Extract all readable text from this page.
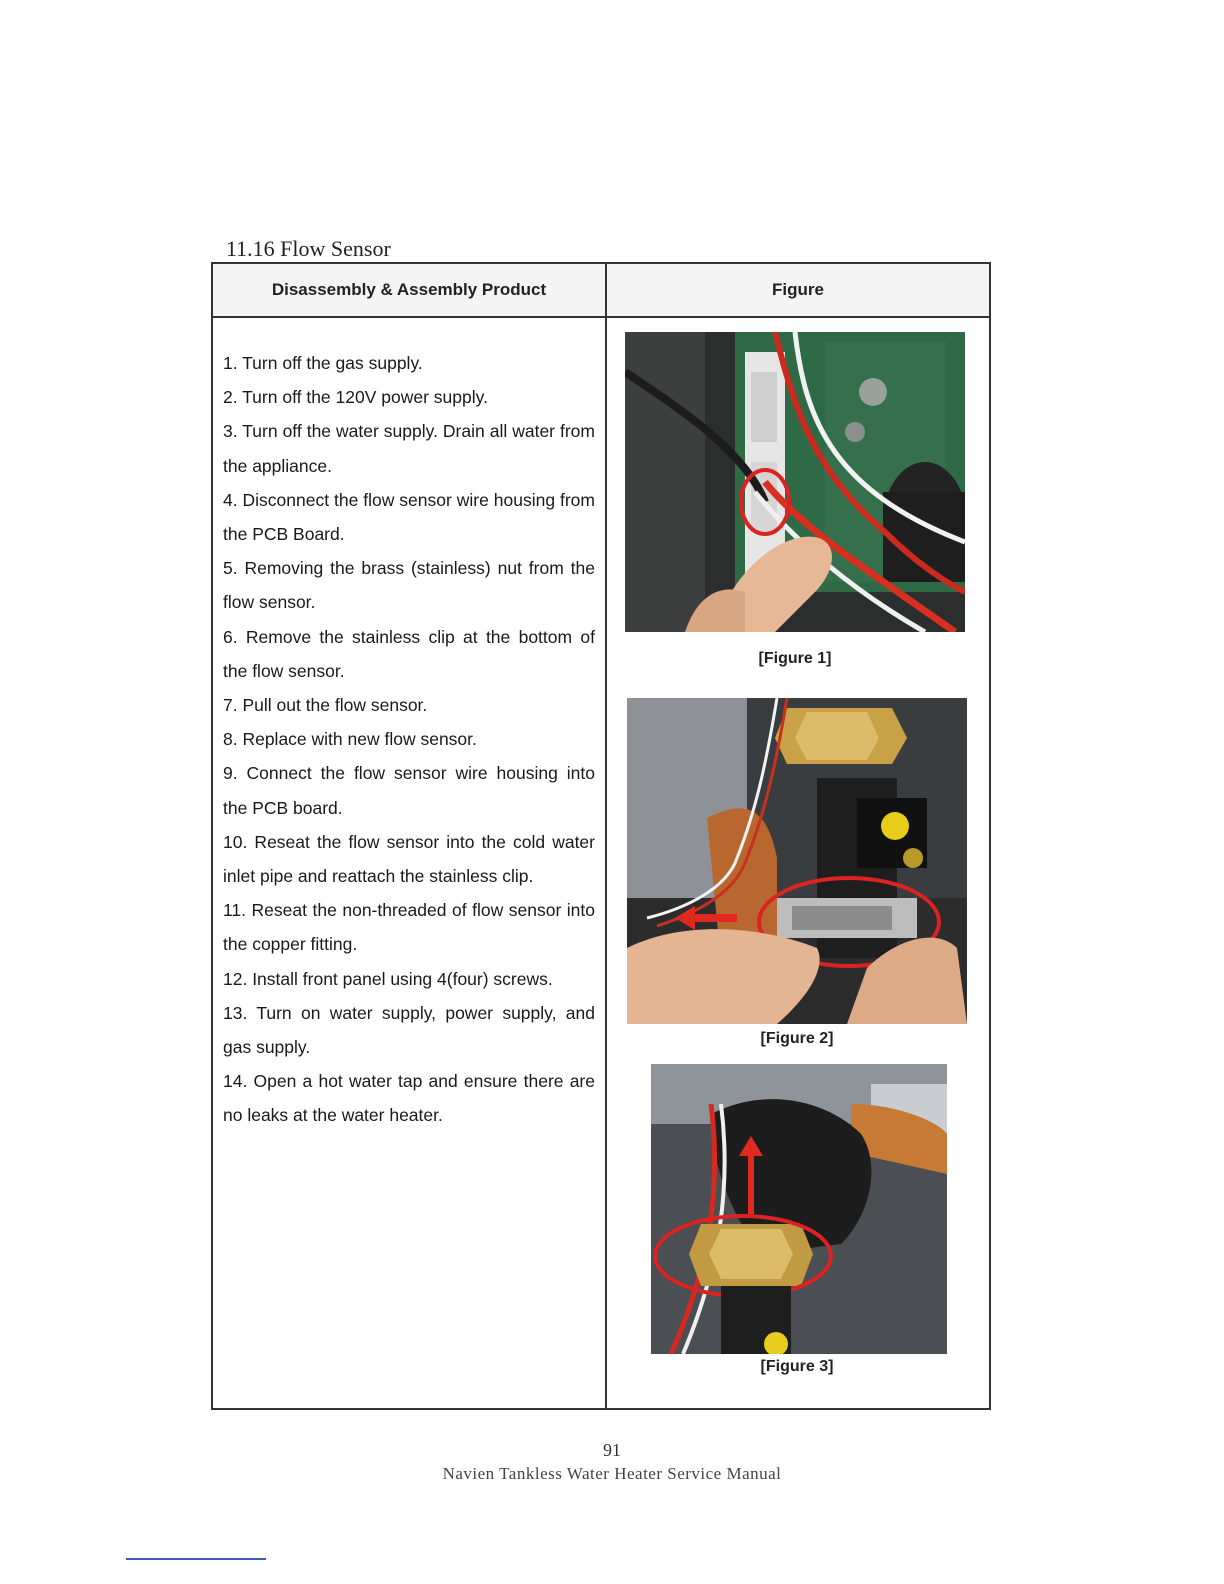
11.16 Flow Sensor
Disassembly & Assembly Product	Figure
1. Turn off the gas supply.
2. Turn off the 120V power supply.
3. Turn off the water supply. Drain all water from the appliance.
4. Disconnect the flow sensor wire housing from the PCB Board.
5. Removing the brass (stainless) nut from the flow sensor.
6. Remove the stainless clip at the bottom of the flow sensor.
7. Pull out the flow sensor.
8. Replace with new flow sensor.
9. Connect the flow sensor wire housing into the PCB board.
10. Reseat the flow sensor into the cold water inlet pipe and reattach the stainless clip.
11. Reseat the non-threaded of flow sensor into the copper fitting.
12. Install front panel using 4(four) screws.
13. Turn on water supply, power supply, and gas supply.
14. Open a hot water tap and ensure there are no leaks at the water heater.
[Figure 1]
[Figure 2]
[Figure 3]
91
Navien Tankless Water Heater Service Manual
